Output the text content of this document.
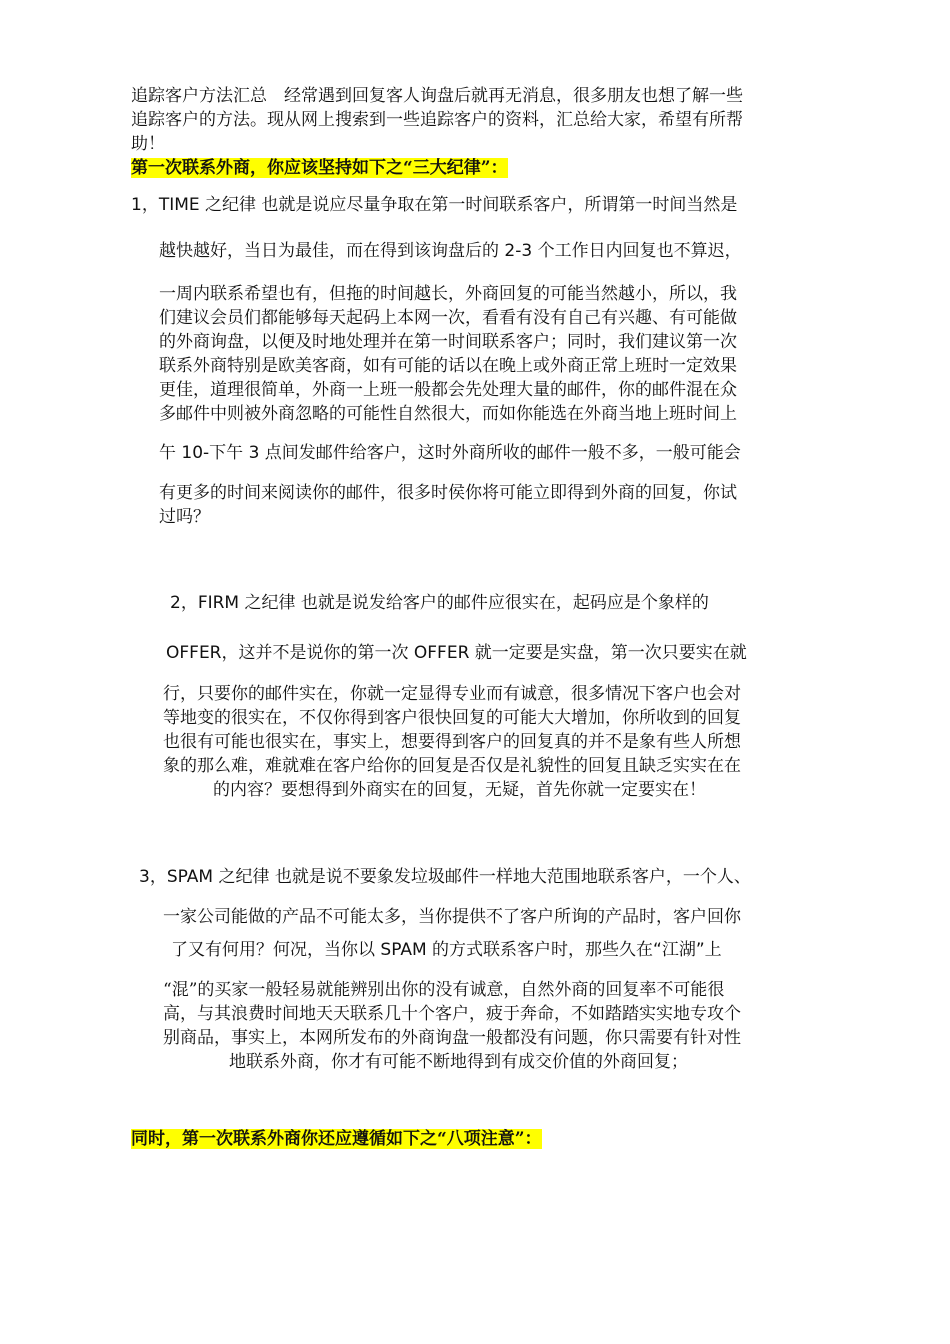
追踪客户方法汇总　经常遇到回复客人询盘后就再无消息，很多朋友也想了解一些
追踪客户的方法。现从网上搜索到一些追踪客户的资料，汇总给大家，希望有所帮
助！
第一次联系外商，你应该坚持如下之“三大纪律”：
1，TIME 之纪律 也就是说应尽量争取在第一时间联系客户，所谓第一时间当然是
越快越好，当日为最佳，而在得到该询盘后的 2-3 个工作日内回复也不算迟，
一周内联系希望也有，但拖的时间越长，外商回复的可能当然越小，所以，我
们建议会员们都能够每天起码上本网一次，看看有没有自己有兴趣、有可能做
的外商询盘，以便及时地处理并在第一时间联系客户；同时，我们建议第一次
联系外商特别是欧美客商，如有可能的话以在晚上或外商正常上班时一定效果
更佳，道理很简单，外商一上班一般都会先处理大量的邮件，你的邮件混在众
多邮件中则被外商忽略的可能性自然很大，而如你能选在外商当地上班时间上
午 10-下午 3 点间发邮件给客户，这时外商所收的邮件一般不多，一般可能会
有更多的时间来阅读你的邮件，很多时侯你将可能立即得到外商的回复，你试
过吗？
2，FIRM 之纪律 也就是说发给客户的邮件应很实在，起码应是个象样的
OFFER，这并不是说你的第一次 OFFER 就一定要是实盘，第一次只要实在就
行，只要你的邮件实在，你就一定显得专业而有诚意，很多情况下客户也会对
等地变的很实在，不仅你得到客户很快回复的可能大大增加，你所收到的回复
也很有可能也很实在，事实上，想要得到客户的回复真的并不是象有些人所想
象的那么难，难就难在客户给你的回复是否仅是礼貌性的回复且缺乏实实在在
的内容？要想得到外商实在的回复，无疑，首先你就一定要实在！
3，SPAM 之纪律 也就是说不要象发垃圾邮件一样地大范围地联系客户，一个人、
一家公司能做的产品不可能太多，当你提供不了客户所询的产品时，客户回你
了又有何用？何况，当你以 SPAM 的方式联系客户时，那些久在“江湖”上
“混”的买家一般轻易就能辨别出你的没有诚意，自然外商的回复率不可能很
高，与其浪费时间地天天联系几十个客户，疲于奔命，不如踏踏实实地专攻个
别商品，事实上，本网所发布的外商询盘一般都没有问题，你只需要有针对性
地联系外商，你才有可能不断地得到有成交价值的外商回复；
同时，第一次联系外商你还应遵循如下之“八项注意”：
